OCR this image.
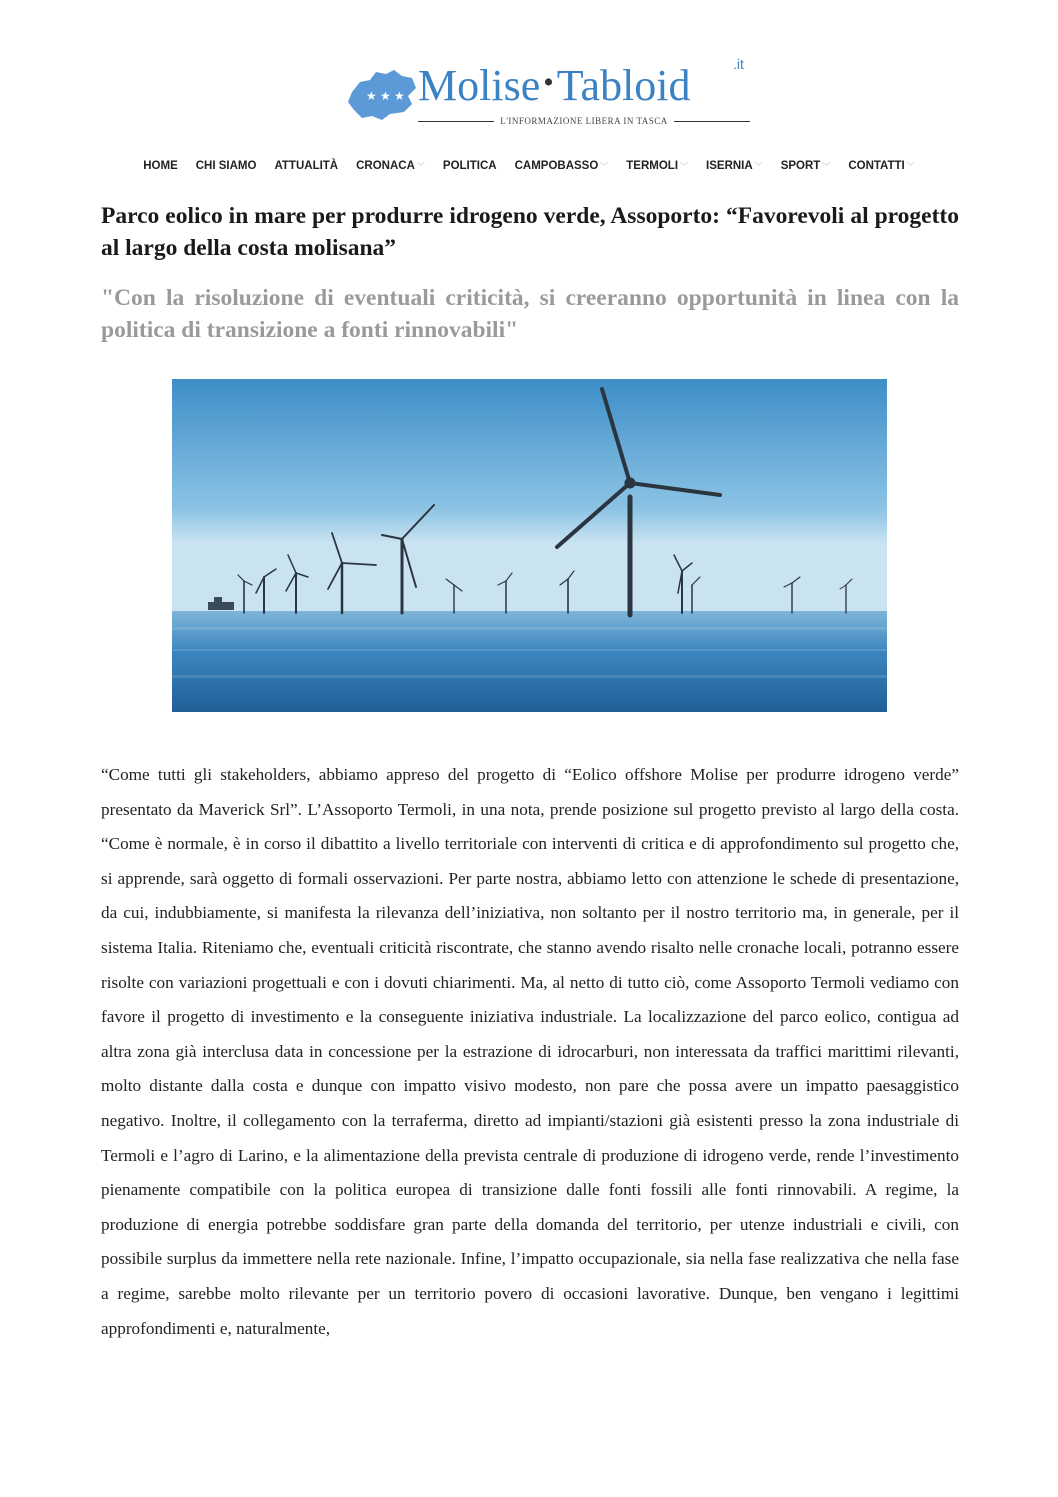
★ ★ ★ Molise •Tabloid	.it
L'INFORMAZIONE LIBERA IN TASCA
HOME CHI SIAMO ATTUALITÀ CRONACA ﹀ POLITICA CAMPOBASSO ﹀ TERMOLI ﹀ ISERNIA ﹀ SPORT ﹀ CONTATTI ﹀
Parco eolico in mare per produrre idrogeno verde, Assoporto: “Favorevoli al progetto al largo della costa molisana”
"Con la risoluzione di eventuali criticità, si creeranno opportunità in linea con la politica di transizione a fonti rinnovabili"

“Come tutti gli stakeholders, abbiamo appreso del progetto di “Eolico offshore Molise per produrre idrogeno verde” presentato da Maverick Srl”. L’Assoporto Termoli, in una nota, prende posizione sul progetto previsto al largo della costa. “Come è normale, è in corso il dibattito a livello territoriale con interventi di critica e di approfondimento sul progetto che, si apprende, sarà oggetto di formali osservazioni. Per parte nostra, abbiamo letto con attenzione le schede di presentazione, da cui, indubbiamente, si manifesta la rilevanza dell’iniziativa, non soltanto per il nostro territorio ma, in generale, per il sistema Italia. Riteniamo che, eventuali criticità riscontrate, che stanno avendo risalto nelle cronache locali, potranno essere risolte con variazioni progettuali e con i dovuti chiarimenti. Ma, al netto di tutto ciò, come Assoporto Termoli vediamo con favore il progetto di investimento e la conseguente iniziativa industriale. La localizzazione del parco eolico, contigua ad altra zona già interclusa data in concessione per la estrazione di idrocarburi, non interessata da traffici marittimi rilevanti, molto distante dalla costa e dunque con impatto visivo modesto, non pare che possa avere un impatto paesaggistico negativo. Inoltre, il collegamento con la terraferma, diretto ad impianti/stazioni già esistenti presso la zona industriale di Termoli e l’agro di Larino, e la alimentazione della prevista centrale di produzione di idrogeno verde, rende l’investimento pienamente compatibile con la politica europea di transizione dalle fonti fossili alle fonti rinnovabili. A regime, la produzione di energia potrebbe soddisfare gran parte della domanda del territorio, per utenze industriali e civili, con possibile surplus da immettere nella rete nazionale. Infine, l’impatto occupazionale, sia nella fase realizzativa che nella fase a regime, sarebbe molto rilevante per un territorio povero di occasioni lavorative. Dunque, ben vengano i legittimi approfondimenti e, naturalmente,
